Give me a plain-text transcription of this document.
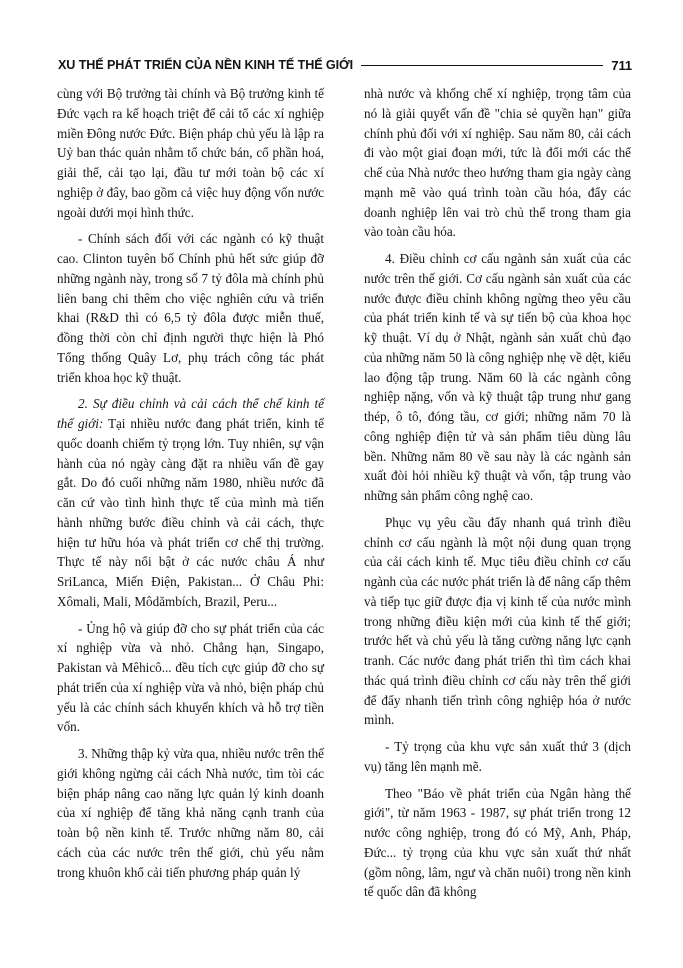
XU THẾ PHÁT TRIỂN CỦA NỀN KINH TẾ THẾ GIỚI	711

cùng với Bộ trưởng tài chính và Bộ trưởng kinh tế Đức vạch ra kế hoạch triệt để cải tổ các xí nghiệp miền Đông nước Đức. Biện pháp chủ yếu là lập ra Uỷ ban thác quản nhằm tổ chức bán, cổ phần hoá, giải thể, cải tạo lại, đầu tư mới toàn bộ các xí nghiệp ở đây, bao gồm cả việc huy động vốn nước ngoài dưới mọi hình thức.

- Chính sách đối với các ngành có kỹ thuật cao. Clinton tuyên bố Chính phủ hết sức giúp đỡ những ngành này, trong số 7 tỷ đôla mà chính phủ liên bang chi thêm cho việc nghiên cứu và triển khai (R&D thì có 6,5 tỷ đôla được miễn thuế, đồng thời còn chỉ định người thực hiện là Phó Tổng thống Quây Lơ, phụ trách công tác phát triển khoa học kỹ thuật.

2. Sự điều chỉnh và cải cách thể chế kinh tế thế giới: Tại nhiều nước đang phát triển, kinh tế quốc doanh chiếm tỷ trọng lớn. Tuy nhiên, sự vận hành của nó ngày càng đặt ra nhiều vấn đề gay gắt. Do đó cuối những năm 1980, nhiều nước đã căn cứ vào tình hình thực tế của mình mà tiến hành những bước điều chỉnh và cải cách, thực hiện tư hữu hóa và phát triển cơ chế thị trường. Thực tế này nổi bật ở các nước châu Á như SriLanca, Miến Điện, Pakistan... Ở Châu Phi: Xômali, Mali, Môdămbích, Brazil, Peru...

- Ủng hộ và giúp đỡ cho sự phát triển của các xí nghiệp vừa và nhỏ. Chẳng hạn, Singapo, Pakistan và Mêhicô... đều tích cực giúp đỡ cho sự phát triển của xí nghiệp vừa và nhỏ, biện pháp chủ yếu là các chính sách khuyến khích và hỗ trợ tiền vốn.

3. Những thập kỷ vừa qua, nhiều nước trên thế giới không ngừng cải cách Nhà nước, tìm tòi các biện pháp nâng cao năng lực quản lý kinh doanh của xí nghiệp để tăng khả năng cạnh tranh của toàn bộ nền kinh tế. Trước những năm 80, cải cách của các nước trên thế giới, chủ yếu nằm trong khuôn khổ cải tiến phương pháp quản lý

nhà nước và khống chế xí nghiệp, trọng tâm của nó là giải quyết vấn đề "chia sẻ quyền hạn" giữa chính phủ đối với xí nghiệp. Sau năm 80, cải cách đi vào một giai đoạn mới, tức là đổi mới các thể chế của Nhà nước theo hướng tham gia ngày càng mạnh mẽ vào quá trình toàn cầu hóa, đẩy các doanh nghiệp lên vai trò chủ thể trong tham gia vào toàn cầu hóa.

4. Điều chỉnh cơ cấu ngành sản xuất của các nước trên thế giới. Cơ cấu ngành sản xuất của các nước được điều chỉnh không ngừng theo yêu cầu của phát triển kinh tế và sự tiến bộ của khoa học kỹ thuật. Ví dụ ở Nhật, ngành sản xuất chủ đạo của những năm 50 là công nghiệp nhẹ về dệt, kiểu lao động tập trung. Năm 60 là các ngành công nghiệp nặng, vốn và kỹ thuật tập trung như gang thép, ô tô, đóng tầu, cơ giới; những năm 70 là công nghiệp điện tử và sản phẩm tiêu dùng lâu bền. Những năm 80 về sau này là các ngành sản xuất đòi hỏi nhiều kỹ thuật và vốn, tập trung vào những sản phẩm công nghệ cao.

Phục vụ yêu cầu đẩy nhanh quá trình điều chỉnh cơ cấu ngành là một nội dung quan trọng của cải cách kinh tế. Mục tiêu điều chỉnh cơ cấu ngành của các nước phát triển là để nâng cấp thêm và tiếp tục giữ được địa vị kinh tế của nước mình trong những điều kiện mới của kinh tế thế giới; trước hết và chủ yếu là tăng cường năng lực cạnh tranh. Các nước đang phát triển thì tìm cách khai thác quá trình điều chỉnh cơ cấu này trên thế giới để đẩy nhanh tiến trình công nghiệp hóa ở nước mình.

- Tỷ trọng của khu vực sản xuất thứ 3 (dịch vụ) tăng lên mạnh mẽ.

Theo "Báo về phát triển của Ngân hàng thế giới", từ năm 1963 - 1987, sự phát triển trong 12 nước công nghiệp, trong đó có Mỹ, Anh, Pháp, Đức... tỷ trọng của khu vực sản xuất thứ nhất (gồm nông, lâm, ngư và chăn nuôi) trong nền kinh tế quốc dân đã không
